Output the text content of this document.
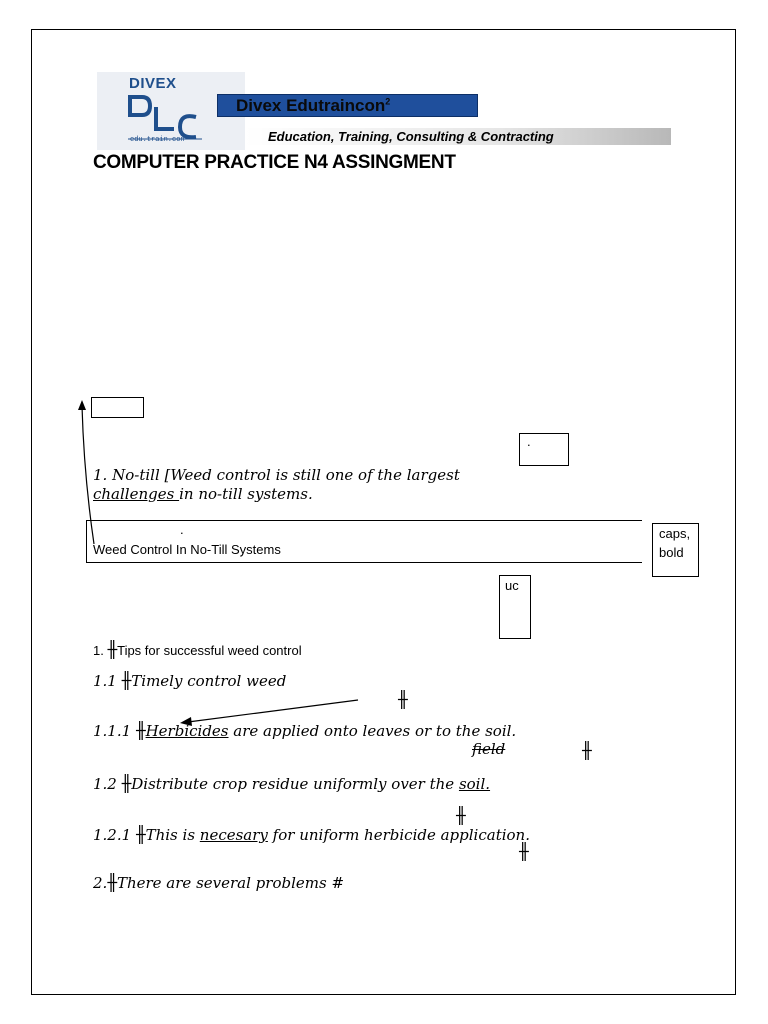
DIVEX
edu.train.con²
Divex Edutraincon$^2$
Education, Training, Consulting & Contracting
COMPUTER PRACTICE N4 ASSINGMENT
.
1. No-till [Weed control is still one of the largest
challenges in no-till systems.
.
Weed Control In No-Till Systems
caps,
bold
uc
1. ╫Tips for successful weed control
1.1 ╫Timely control weed
╫
1.1.1 ╫Herbicides are applied onto leaves or to the soil.
field	╫
1.2 ╫Distribute crop residue uniformly over the soil.
╫
1.2.1 ╫This is necesary for uniform herbicide application.
╫
2.╫There are several problems #
